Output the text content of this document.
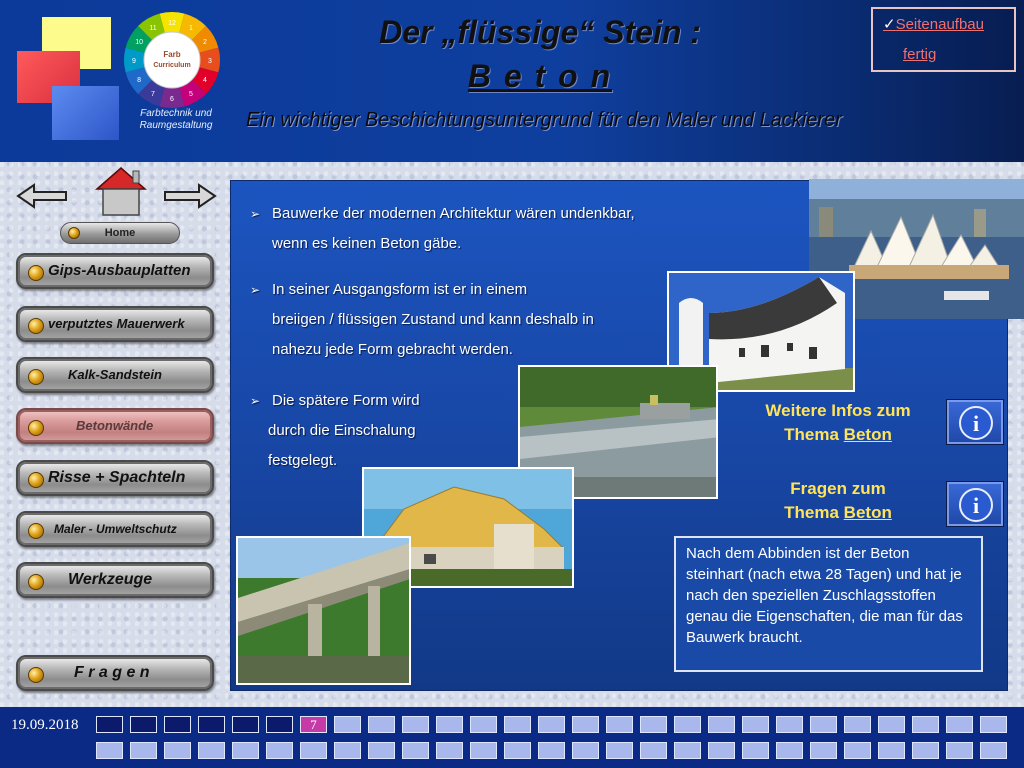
Farb
Curriculum
12
1
2
3
4
5
6
7
8
9
10
11
Farbtechnik und
Raumgestaltung
Der „flüssige“ Stein :
B e t o n
Ein wichtiger Beschichtungsuntergrund für den Maler und Lackierer
✓Seitenaufbau
fertig
Home
Gips-Ausbauplatten
verputztes Mauerwerk
Kalk-Sandstein
Betonwände
Risse + Spachteln
Maler - Umweltschutz
Werkzeuge
F r a g e n
➢ Bauwerke der modernen Architektur wären undenkbar,
wenn es keinen Beton gäbe.
➢ In seiner Ausgangsform ist er in einem
breiigen / flüssigen Zustand und kann deshalb in
nahezu jede Form gebracht werden.
➢ Die spätere Form wird
durch die Einschalung
festgelegt.
Weitere Infos zum
Thema Beton	i
Fragen zum
Thema Beton	i
Nach dem Abbinden ist der Beton steinhart (nach etwa 28 Tagen) und hat je nach den speziellen Zuschlagsstoffen genau die Eigenschaften, die man für das Bauwerk braucht.
19.09.2018	7
